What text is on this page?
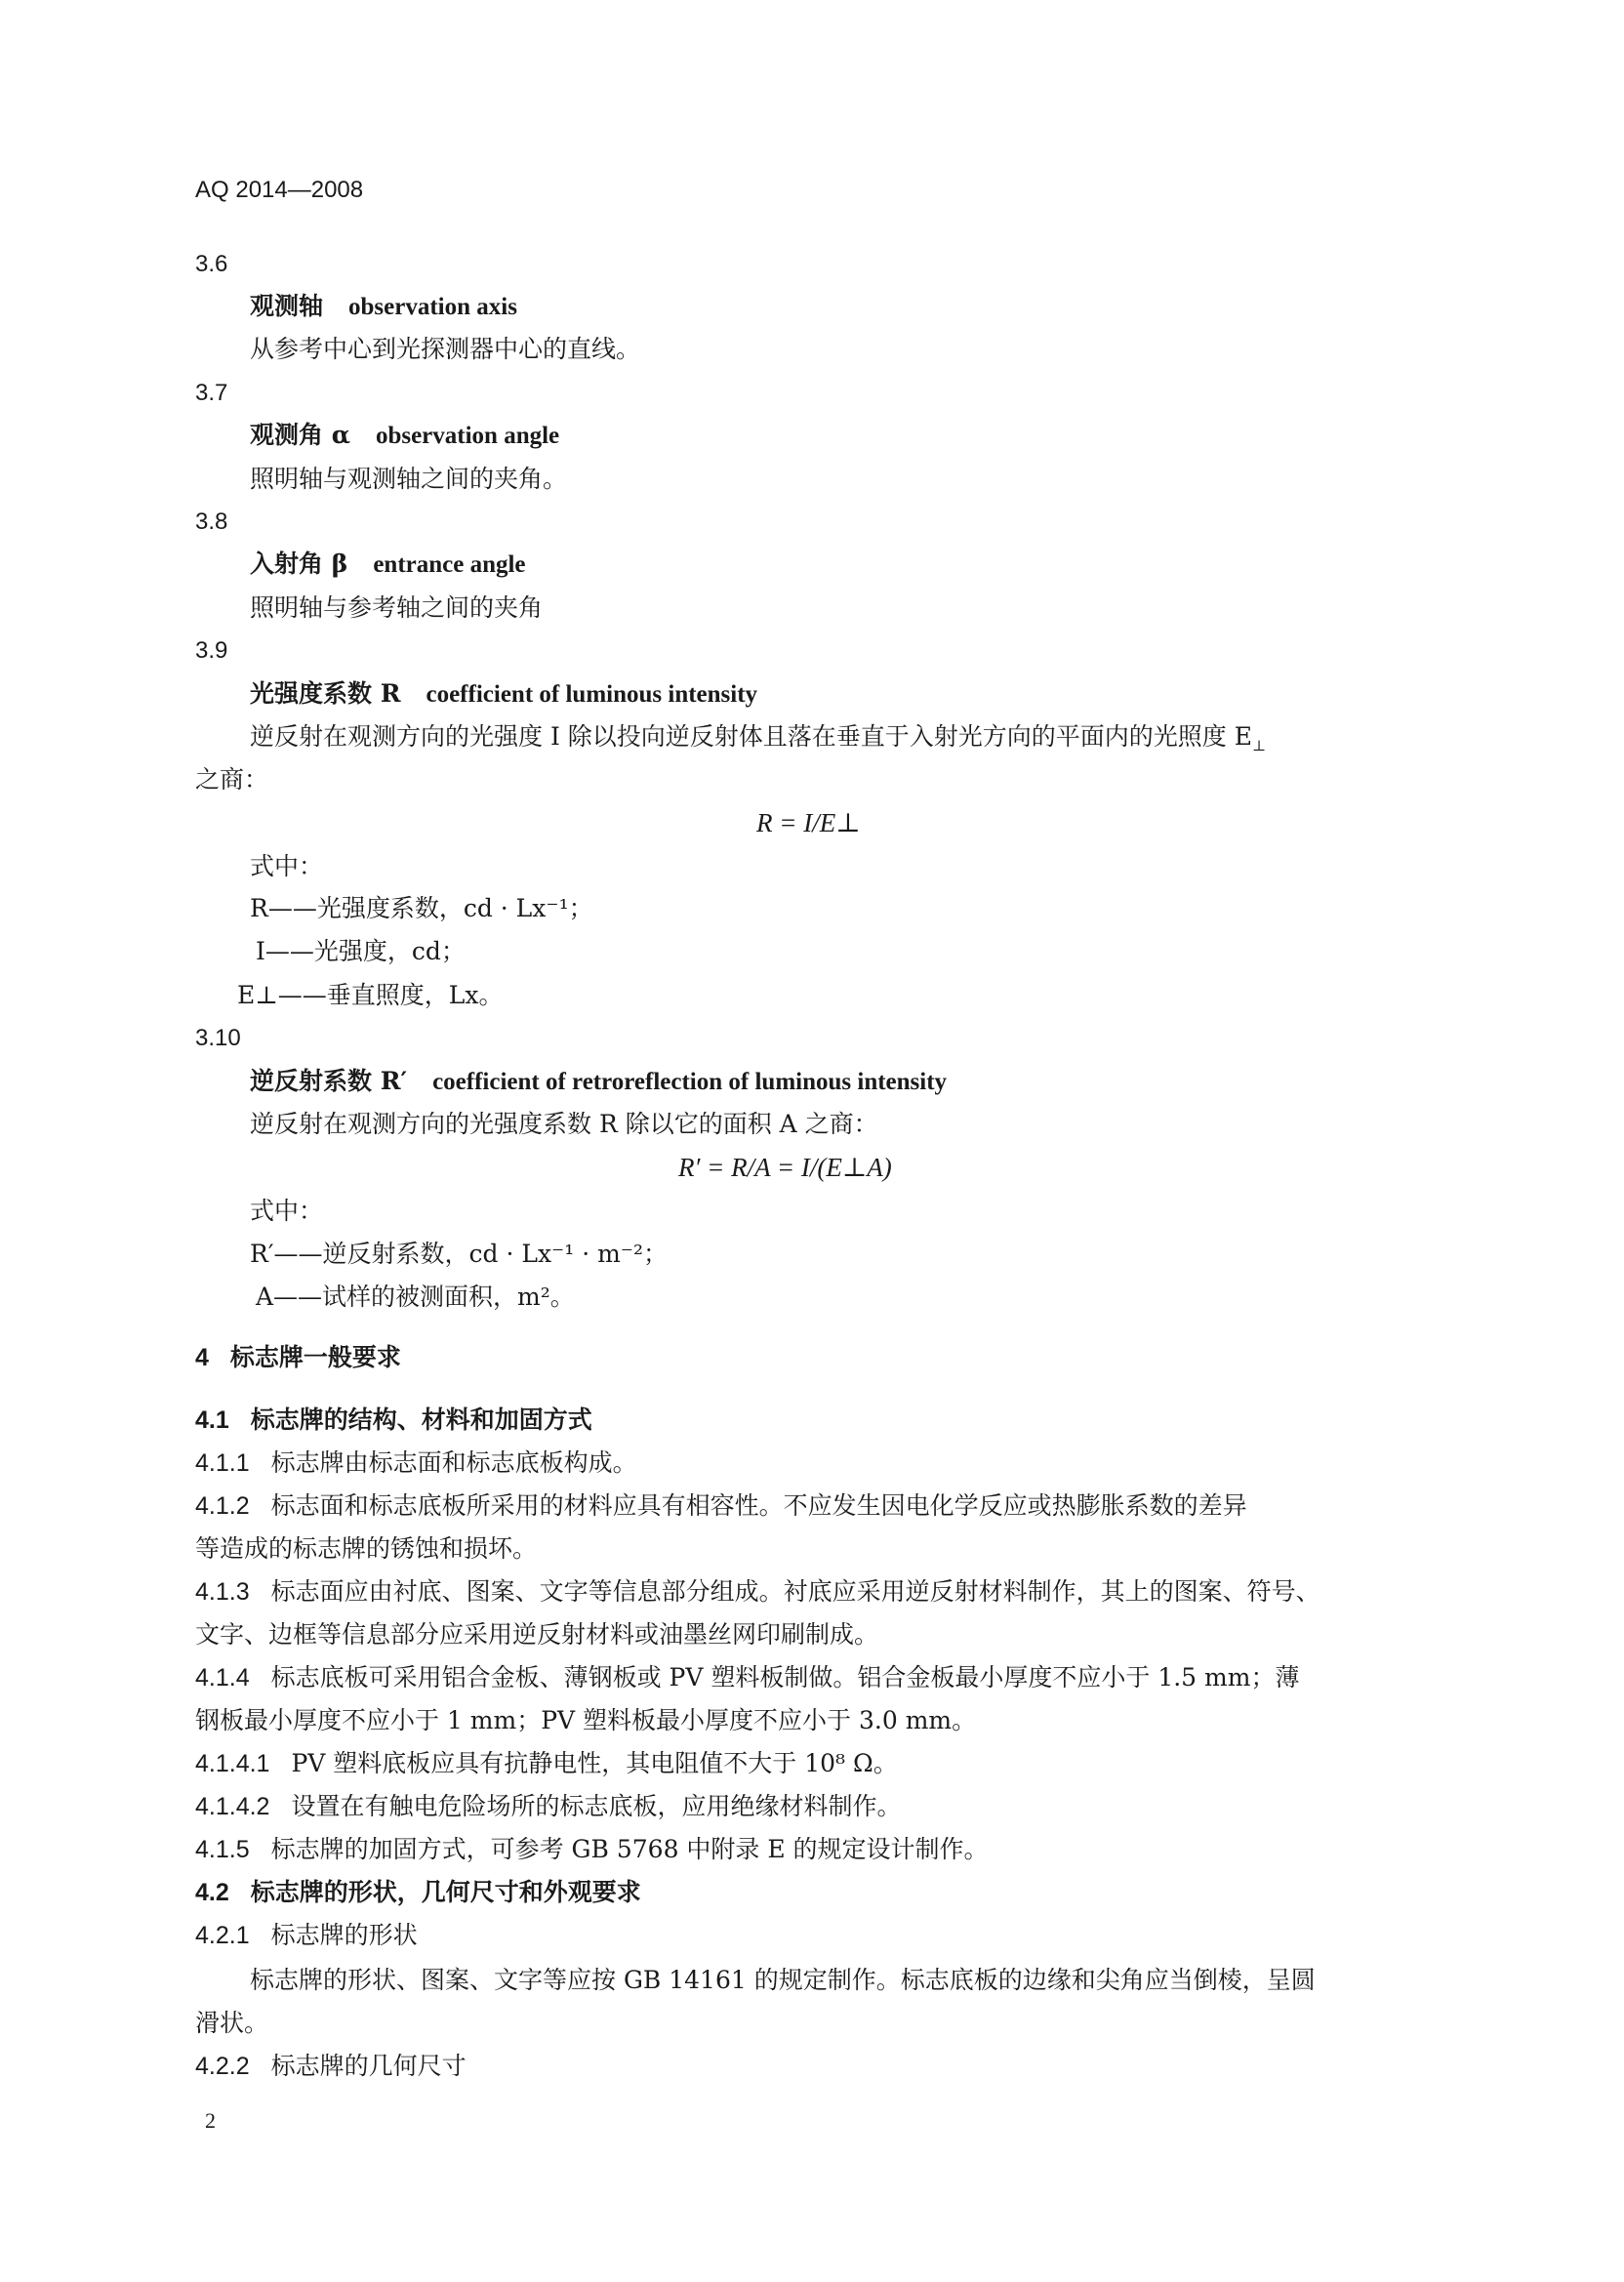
AQ 2014—2008
3.6
观测轴 observation axis
从参考中心到光探测器中心的直线。
3.7
观测角 α observation angle
照明轴与观测轴之间的夹角。
3.8
入射角 β entrance angle
照明轴与参考轴之间的夹角
3.9
光强度系数 R coefficient of luminous intensity
逆反射在观测方向的光强度 I 除以投向逆反射体且落在垂直于入射光方向的平面内的光照度 $E_\perp$
之商：
R = I/E⊥
式中：
R——光强度系数，cd · Lx⁻¹；
I——光强度，cd；
E⊥——垂直照度，Lx。
3.10
逆反射系数 R′ coefficient of retroreflection of luminous intensity
逆反射在观测方向的光强度系数 R 除以它的面积 A 之商：
R′ = R/A = I/(E⊥A)
式中：
R′——逆反射系数，cd · Lx⁻¹ · m⁻²；
A——试样的被测面积，m²。
4 标志牌一般要求
4.1 标志牌的结构、材料和加固方式
4.1.1 标志牌由标志面和标志底板构成。
4.1.2 标志面和标志底板所采用的材料应具有相容性。不应发生因电化学反应或热膨胀系数的差异
等造成的标志牌的锈蚀和损坏。
4.1.3 标志面应由衬底、图案、文字等信息部分组成。衬底应采用逆反射材料制作，其上的图案、符号、
文字、边框等信息部分应采用逆反射材料或油墨丝网印刷制成。
4.1.4 标志底板可采用铝合金板、薄钢板或 PV 塑料板制做。铝合金板最小厚度不应小于 1.5 mm；薄
钢板最小厚度不应小于 1 mm；PV 塑料板最小厚度不应小于 3.0 mm。
4.1.4.1 PV 塑料底板应具有抗静电性，其电阻值不大于 10⁸ Ω。
4.1.4.2 设置在有触电危险场所的标志底板，应用绝缘材料制作。
4.1.5 标志牌的加固方式，可参考 GB 5768 中附录 E 的规定设计制作。
4.2 标志牌的形状，几何尺寸和外观要求
4.2.1 标志牌的形状
标志牌的形状、图案、文字等应按 GB 14161 的规定制作。标志底板的边缘和尖角应当倒棱，呈圆
滑状。
4.2.2 标志牌的几何尺寸
2
